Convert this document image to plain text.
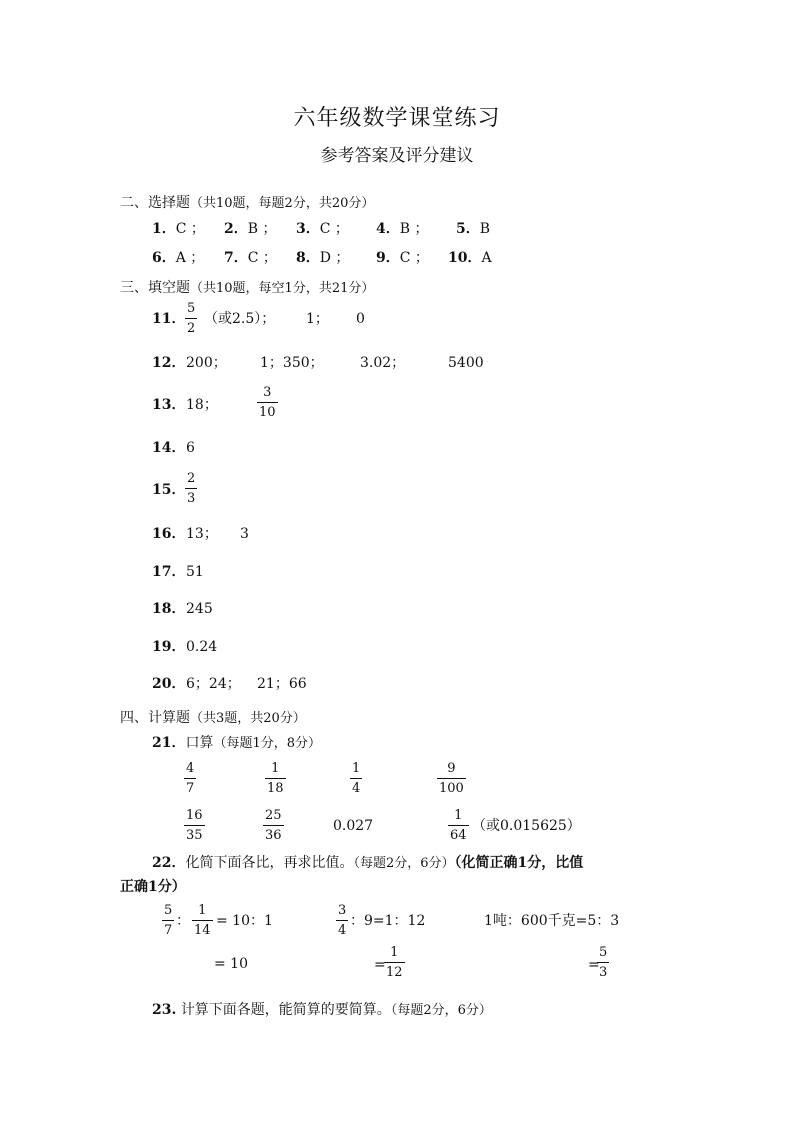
六年级数学课堂练习
参考答案及评分建议
二、选择题（共10题，每题2分，共20分）
1．C ； 2．B ； 3．C ； 4．B ； 5．B
6．A ； 7．C ； 8．D ； 9．C ； 10．A
三、填空题（共10题，每空1分，共21分）
11．
5
2
（或2.5）； 1； 0
12． 200； 1；350；	3.02；	5400
13． 18；
3
10
14． 6
15．
2
3
16． 13； 3
17． 51
18． 245
19． 0.24
20． 6；24； 21；66
四、计算题（共3题，共20分）
21．口算（每题1分，8分）
4
7
1
18
1
4
9
100
16
35
25
36
0.027
1
64
（或0.015625）
22．化简下面各比，再求比值。（每题2分，6分）（化简正确1分，比值
正确1分）
5
7
：
1
14
= 10：1
= 10
3
4
：9=1：12
=
1
12
1吨：600千克=5：3
=
5
3
23. 计算下面各题，能简算的要简算。（每题2分，6分）
